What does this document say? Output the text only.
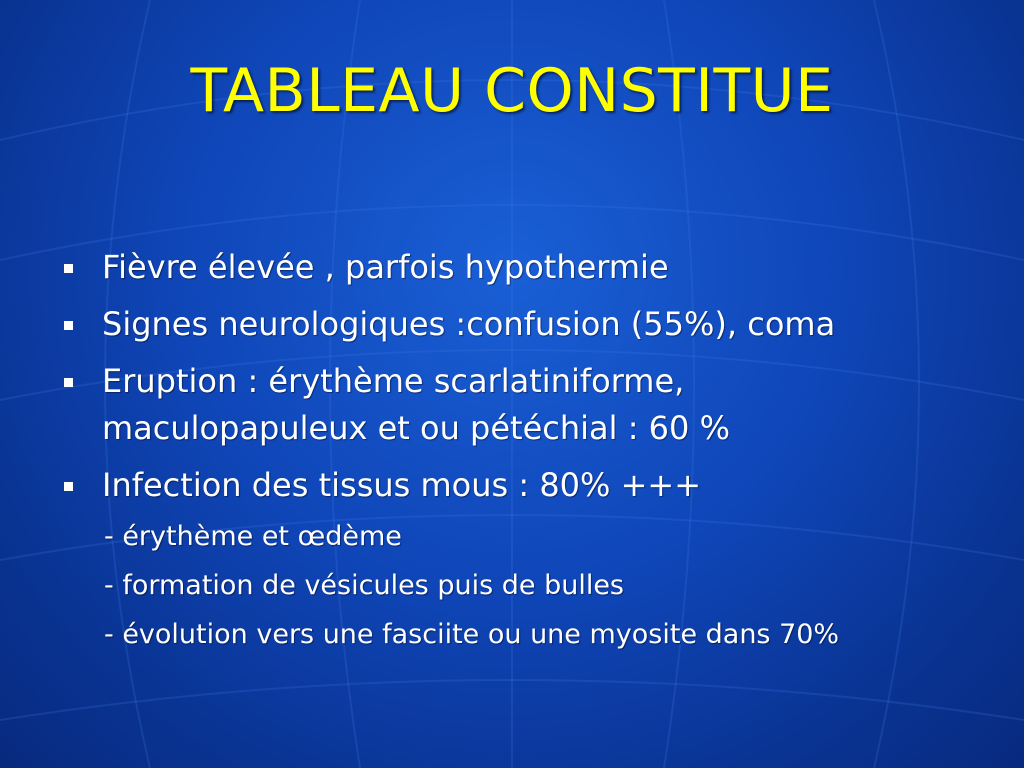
TABLEAU CONSTITUE
Fièvre élevée , parfois hypothermie
Signes neurologiques :confusion (55%), coma
Eruption : érythème scarlatiniforme,
maculopapuleux et ou pétéchial : 60 %
Infection des tissus mous : 80% +++
- érythème et œdème
- formation de vésicules puis de bulles
- évolution vers une fasciite ou une myosite dans 70%
